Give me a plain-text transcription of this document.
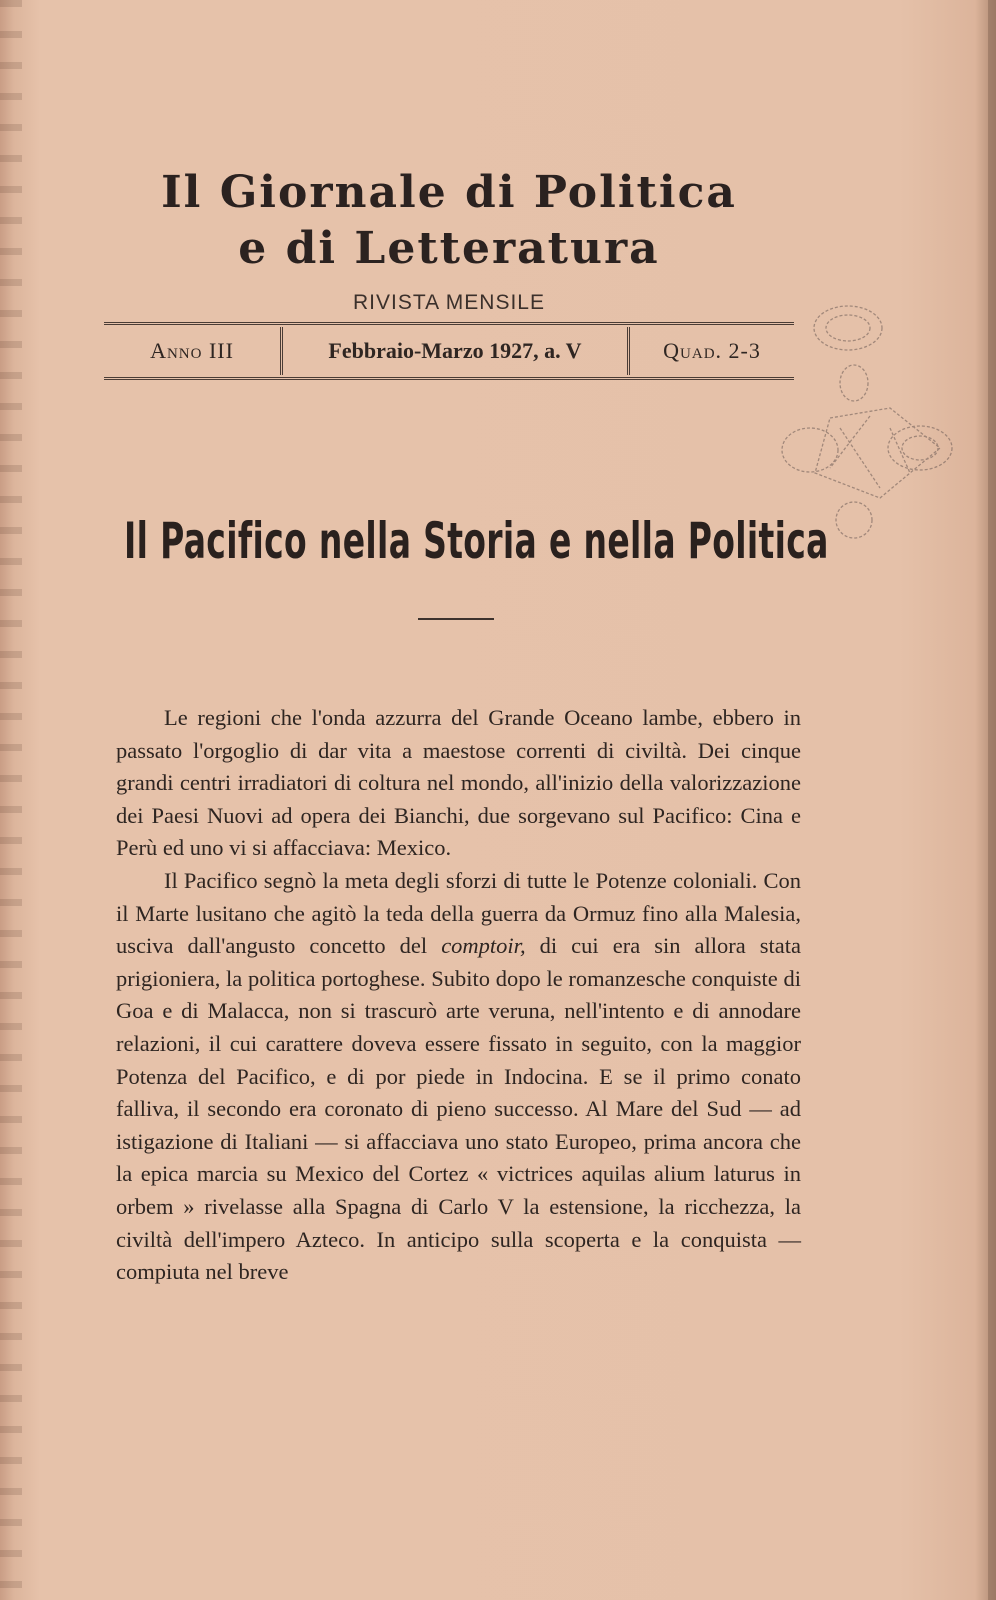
Il Giornale di Politica
e di Letteratura
RIVISTA MENSILE
Anno III	Febbraio-Marzo 1927, a. V	Quad. 2-3
Il Pacifico nella Storia e nella Politica

Le regioni che l'onda azzurra del Grande Oceano lambe, ebbero in passato l'orgoglio di dar vita a maestose correnti di civiltà. Dei cinque grandi centri irradiatori di coltura nel mondo, all'inizio della valorizzazione dei Paesi Nuovi ad opera dei Bianchi, due sorgevano sul Pacifico: Cina e Perù ed uno vi si affacciava: Mexico.

Il Pacifico segnò la meta degli sforzi di tutte le Potenze coloniali. Con il Marte lusitano che agitò la teda della guerra da Ormuz fino alla Malesia, usciva dall'angusto concetto del comptoir, di cui era sin allora stata prigioniera, la politica portoghese. Subito dopo le romanzesche conquiste di Goa e di Malacca, non si trascurò arte veruna, nell'intento e di annodare relazioni, il cui carattere doveva essere fissato in seguito, con la maggior Potenza del Pacifico, e di por piede in Indocina. E se il primo conato falliva, il secondo era coronato di pieno successo. Al Mare del Sud — ad istigazione di Italiani — si affacciava uno stato Europeo, prima ancora che la epica marcia su Mexico del Cortez « victrices aquilas alium laturus in orbem » rivelasse alla Spagna di Carlo V la estensione, la ricchezza, la civiltà dell'impero Azteco. In anticipo sulla scoperta e la conquista — compiuta nel breve
